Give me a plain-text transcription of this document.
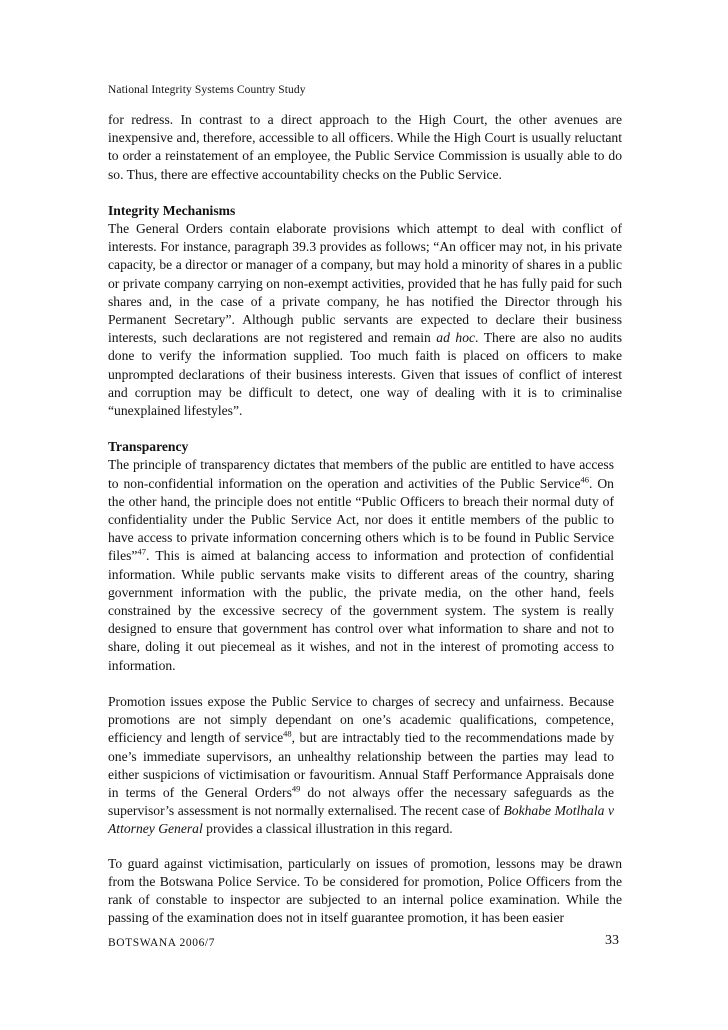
National Integrity Systems Country Study

for redress. In contrast to a direct approach to the High Court, the other avenues are inexpensive and, therefore, accessible to all officers. While the High Court is usually reluctant to order a reinstatement of an employee, the Public Service Commission is usually able to do so. Thus, there are effective accountability checks on the Public Service.

Integrity Mechanisms

The General Orders contain elaborate provisions which attempt to deal with conflict of interests. For instance, paragraph 39.3 provides as follows; “An officer may not, in his private capacity, be a director or manager of a company, but may hold a minority of shares in a public or private company carrying on non-exempt activities, provided that he has fully paid for such shares and, in the case of a private company, he has notified the Director through his Permanent Secretary”. Although public servants are expected to declare their business interests, such declarations are not registered and remain ad hoc. There are also no audits done to verify the information supplied. Too much faith is placed on officers to make unprompted declarations of their business interests. Given that issues of conflict of interest and corruption may be difficult to detect, one way of dealing with it is to criminalise “unexplained lifestyles”.

Transparency

The principle of transparency dictates that members of the public are entitled to have access to non-confidential information on the operation and activities of the Public Service$^{46}$. On the other hand, the principle does not entitle “Public Officers to breach their normal duty of confidentiality under the Public Service Act, nor does it entitle members of the public to have access to private information concerning others which is to be found in Public Service files”$^{47}$. This is aimed at balancing access to information and protection of confidential information. While public servants make visits to different areas of the country, sharing government information with the public, the private media, on the other hand, feels constrained by the excessive secrecy of the government system. The system is really designed to ensure that government has control over what information to share and not to share, doling it out piecemeal as it wishes, and not in the interest of promoting access to information.

Promotion issues expose the Public Service to charges of secrecy and unfairness. Because promotions are not simply dependant on one’s academic qualifications, competence, efficiency and length of service$^{48}$, but are intractably tied to the recommendations made by one’s immediate supervisors, an unhealthy relationship between the parties may lead to either suspicions of victimisation or favouritism. Annual Staff Performance Appraisals done in terms of the General Orders$^{49}$ do not always offer the necessary safeguards as the supervisor’s assessment is not normally externalised. The recent case of Bokhabe Motlhala v Attorney General provides a classical illustration in this regard.

To guard against victimisation, particularly on issues of promotion, lessons may be drawn from the Botswana Police Service. To be considered for promotion, Police Officers from the rank of constable to inspector are subjected to an internal police examination. While the passing of the examination does not in itself guarantee promotion, it has been easier

BOTSWANA 2006/7	33
